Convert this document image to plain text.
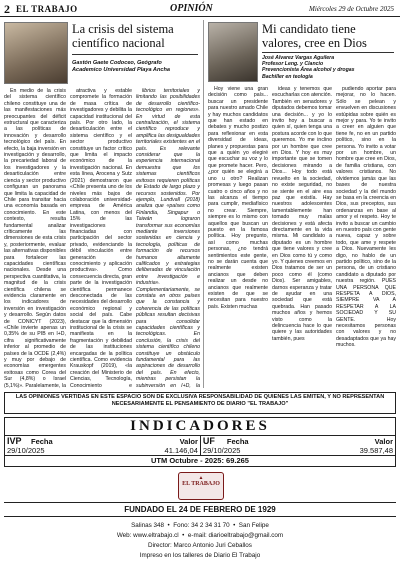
2 EL TRABAJO	OPINIÓN	Miércoles 29 de Octubre 2025
La crisis del sistema científico nacional
Gastón Gaete Codoceo, Geógrafo
Academico Universidad Playa Ancha

En medio de la crisis del sistema científico chileno constituye una de las manifestaciones más preocupantes del déficit estructural que caracteriza a las políticas de innovación y desarrollo tecnológico del país. En efecto, la baja inversión en investigación y desarrollo, la precariedad laboral de los investigadores y la desarticulación entre ciencia y sector productivo configuran un panorama que limita la capacidad de Chile para transitar hacia una economía basada en conocimiento. En este contexto, resulta fundamental analizar críticamente las dimensiones de esta crisis y, posteriormente, evaluar las alternativas disponibles para fortalecer las capacidades científicas nacionales. Desde una perspectiva cuantitativa, la magnitud de la crisis científica chilena se evidencia claramente en los indicadores de inversión en investigación y desarrollo. Según datos de CONICYT (2023), «Chile invierte apenas un 0,35% de su PIB en I+D, cifra significativamente inferior al promedio de países de la OCDE (2,4%) y muy por debajo de economías emergentes exitosas como Corea del Sur (4,8%) o Israel (5,1%)». Paralelamente, la

atractiva y estable compromete la formación de masa crítica de investigadores y debilita la capacidad institucional del país. Por otro lado, la desarticulación entre el sistema científico y el sector productivo constituye un factor crítico que limita el impacto económico de la investigación nacional. En esta línea, Arocena y Sutz (2021) demostraron que «Chile presenta uno de los niveles más bajos de colaboración universidad-empresa de América Latina, con menos del 15% de las investigaciones financiadas con participación del sector privado, evidenciando la débil vinculación entre generación de conocimiento y aplicación productiva». Como consecuencia directa, gran parte de la investigación científica permanece desconectada de las necesidades del desarrollo económico regional y social del país. Cabe destacar que la dimensión institucional de la crisis se manifiesta en la fragmentación y debilidad de las instituciones encargadas de la política científica. Como evidencia Krauskopf (2019), «la creación del Ministerio de Ciencias, Tecnología, Conocimiento e

librios territoriales y limitando las posibilidades de desarrollo científico-tecnológico en regiones». En virtud de esta centralización, el sistema científico reproduce y amplifica las desigualdades territoriales existentes en el país. Es relevante considerar que la experiencia internacional demuestra que los sistemas científicos exitosos requieren políticas de Estado de largo plazo y recursos sostenidos. Por ejemplo, Lundvall (2018) analiza que «países como Finlandia, Singapur o Taiwán lograron transformar sus economías mediante inversiones sostenidas en ciencia y tecnología, políticas de formación de recursos humanos altamente calificados y estrategias deliberadas de vinculación entre investigación e industria». Complementariamente, se constata en otros países que la constancia y coherencia de las políticas públicas resultan decisivas para consolidar capacidades científicas y tecnológicas. En conclusión, la crisis del sistema científico chileno constituye un obstáculo fundamental para las aspiraciones de desarrollo del país. En efecto, mientras persistan la subinversión en I+D, la

Mi candidato tiene valores, cree en Dios
José Alvarez Vargas Aguilera
Profesor Leng. y Clancio
Prevencionista Área alcohol y drogas
Bachiller en teología

Hoy viene una gran decisión como país... buscar un presidente para nuestro amado Chile y hay muchos candidatos que han estado en debates y mucho postizo para reflexionar en esta diversidad de ideas, planes y propuestas para que a quién yo elegiré que escuchar su voz y lo que promete hacer. Pero, ¿por quién se elegirá a uno u otro? Realizan promesas y luego pasan cuatro o cinco años y no las alcanza el tiempo para cumplir, mediafísico no crear. Siempre, siempre es lo mismo con aquellos que buscan un puesto en la famosa política. Hoy pregunto, así como muchas personas, ¿no tendrá sentimientos este gente, no se darán cuenta que realmente existen ancianos que deben realizar un desde no ancianos que realmente existen de que se necesitan para nuestro país. Existen muchas

ideas y tenemos que escucharlas con atención. También en senadores y diputados debemos tomar una decisión... y yo lo invito hoy a buscar a quien sí, quien tenga una postura acorde con lo que queremos. Yo me inclino por un hombre que cree en Dios. Y hoy es muy importante que se tomen decisiones mirando a Dios... Hoy todo está revuelto en la sociedad, no existe seguridad, no se siente en el aire esa paz que existía. Hay nuestros adolescentes lamentablemente han tomado muy malas decisiones y está afecta directamente en la vida misma. Mi candidato a diputado es un hombre que tiene valores y cree en Dios como tú y como yo. Y quienes creemos en Dios tratamos de ser un poco como él (como Dios). Ser amigables, darnos esperanza y tratar de ayudar en una sociedad que está quebrada. Han pasado muchos años y hemos visto como la delincuencia hace lo que quiere y las autoridades también, pues

pudiendo aportar para mejorar, no lo hacen. Sólo se pelean y envuelven en discusiones estúpidas sobre quién es mejor y para. Yo te invito a creer en alguien que tiene fe, no en un partido político, sino en la persona. Yo invito a votar por un hombre, un hombre que cree en Dios, de familia cristiana, con valores cristianos. No olvidemos jamás que las bases de nuestra sociedad y la del mundo se basa en la creencia en Dios, sus preceptos, sus ordenanzas en base al amor y el respeto. Hoy te invito a buscar un cambio en nuestro país con gente nueva, capaz y sobre todo, que ame y respete a Dios. Nuevamente les digo, no hablo de un partido político, sino de la persona, de un cristiano candidato a diputado por nuestra región. PUES UNA PERSONA QUE RESPETA A DIOS, SIEMPRE VA A RESPETAR A LA SOCIEDAD Y SU GENTE. Hoy necesitamos personas con valores y no desadaptados que ya hay muchos.

LAS OPINIONES VERTIDAS EN ESTE ESPACIO SON DE EXCLUSIVA RESPONSABILIDAD DE QUIENES LAS EMITEN, Y NO REPRESENTAN NECESARIAMENTE EL PENSAMIENTO DE DIARIO "EL TRABAJO"
INDICADORES
IVP	Fecha	Valor	UF	Fecha	Valor
29/10/2025		41.146,04	29/10/2025		39.587,48
UTM Octubre - 2025: 69.265
▲
EL TRABAJO
FUNDADO EL 24 DE FEBRERO DE 1929
Salinas 348  •  Fono: 34 2 34 31 70  •  San Felipe
Web: www.eltrabajo.cl  •  e-mail: diarioeltrabajo@gmail.com
Director: Marco Antonio Juri Ceballos
Impreso en los talleres de Diario El Trabajo
